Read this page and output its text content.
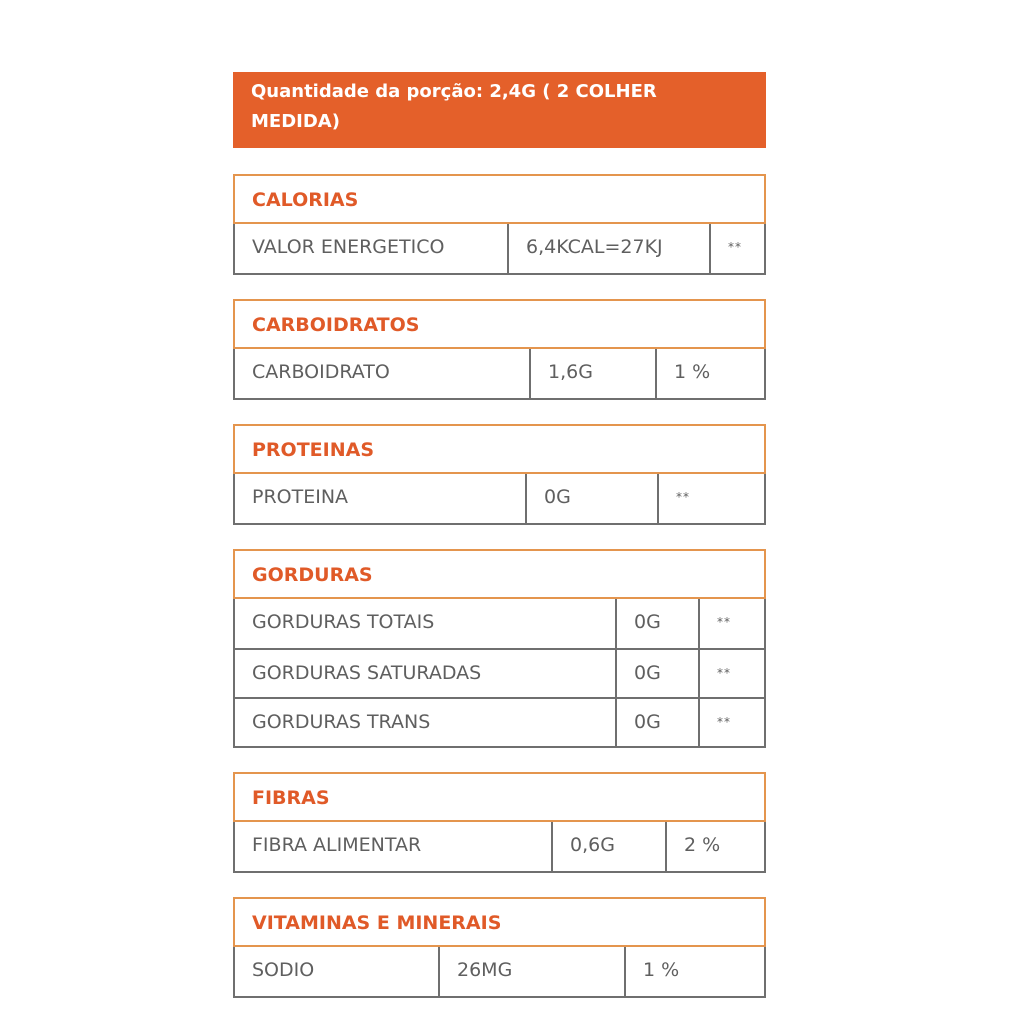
Quantidade da porção: 2,4G ( 2 COLHER
MEDIDA)
CALORIAS
VALOR ENERGETICO	6,4KCAL=27KJ	**
CARBOIDRATOS
CARBOIDRATO	1,6G	1 %
PROTEINAS
PROTEINA	0G	**
GORDURAS
GORDURAS TOTAIS	0G	**
GORDURAS SATURADAS	0G	**
GORDURAS TRANS	0G	**
FIBRAS
FIBRA ALIMENTAR	0,6G	2 %
VITAMINAS E MINERAIS
SODIO	26MG	1 %
